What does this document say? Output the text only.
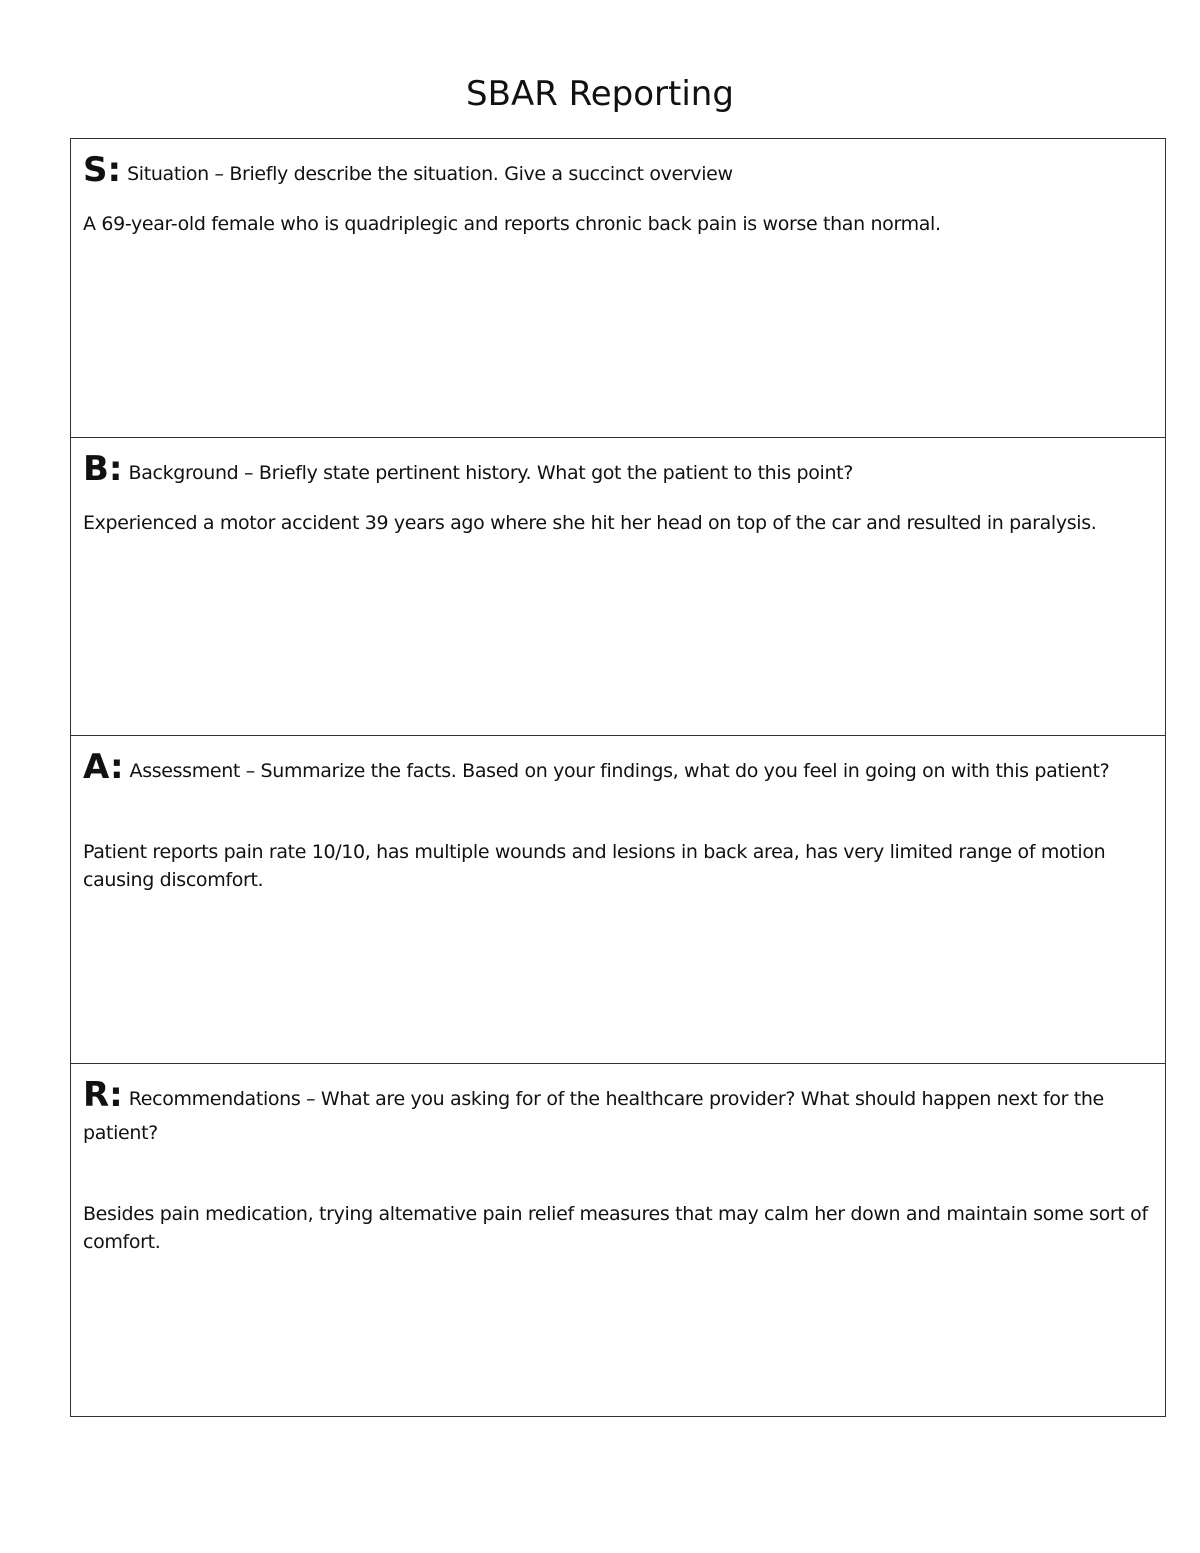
SBAR Reporting
S: Situation – Briefly describe the situation. Give a succinct overview
A 69-year-old female who is quadriplegic and reports chronic back pain is worse than normal.
B: Background – Briefly state pertinent history. What got the patient to this point?
Experienced a motor accident 39 years ago where she hit her head on top of the car and resulted in paralysis.
A: Assessment – Summarize the facts. Based on your findings, what do you feel in going on with this patient?
Patient reports pain rate 10/10, has multiple wounds and lesions in back area, has very limited range of motion causing discomfort.
R: Recommendations – What are you asking for of the healthcare provider? What should happen next for the patient?
Besides pain medication, trying altemative pain relief measures that may calm her down and maintain some sort of comfort.
